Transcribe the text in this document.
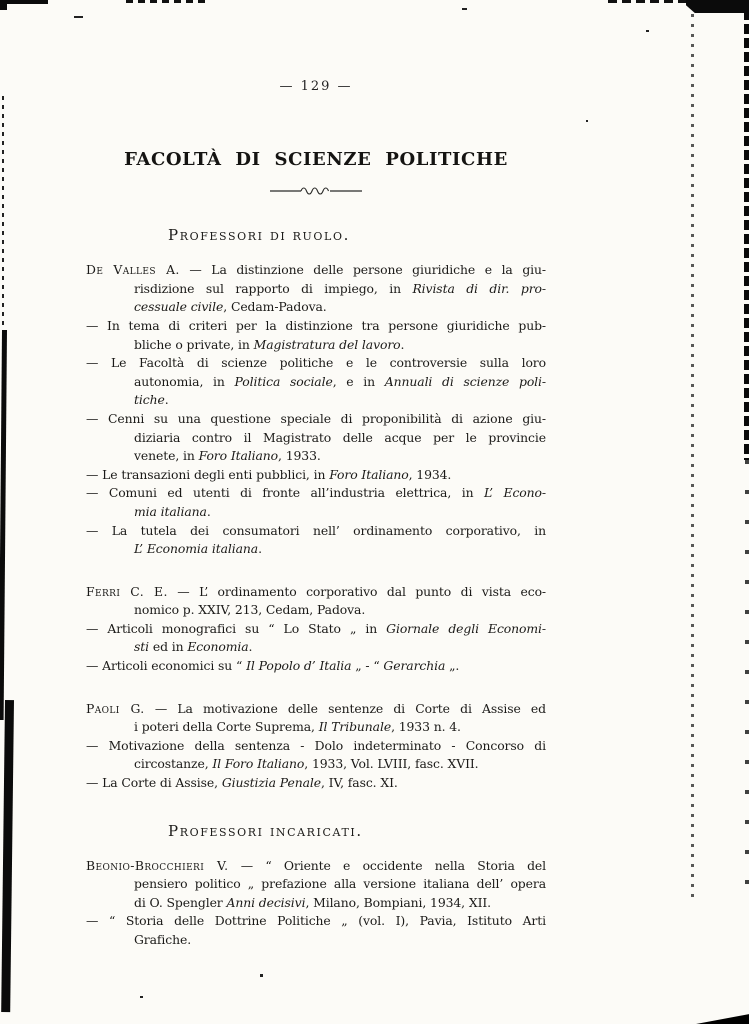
— 129 —
FACOLTÀ DI SCIENZE POLITICHE
Professori di ruolo.
De Valles A. — La distinzione delle persone giuridiche e la giu-
risdizione sul rapporto di impiego, in Rivista di dir. pro-
cessuale civile, Cedam-Padova.
— In tema di criteri per la distinzione tra persone giuridiche pub-
bliche o private, in Magistratura del lavoro.
— Le Facoltà di scienze politiche e le controversie sulla loro
autonomia, in Politica sociale, e in Annuali di scienze poli-
tiche.
— Cenni su una questione speciale di proponibilità di azione giu-
diziaria contro il Magistrato delle acque per le provincie
venete, in Foro Italiano, 1933.
— Le transazioni degli enti pubblici, in Foro Italiano, 1934.
— Comuni ed utenti di fronte all’industria elettrica, in L’ Econo-
mia italiana.
— La tutela dei consumatori nell’ ordinamento corporativo, in
L’ Economia italiana.
Ferri C. E. — L’ ordinamento corporativo dal punto di vista eco-
nomico p. XXIV, 213, Cedam, Padova.
— Articoli monografici su “ Lo Stato „ in Giornale degli Economi-
sti ed in Economia.
— Articoli economici su “ Il Popolo d’ Italia „ - “ Gerarchia „.
Paoli G. — La motivazione delle sentenze di Corte di Assise ed
i poteri della Corte Suprema, Il Tribunale, 1933 n. 4.
— Motivazione della sentenza - Dolo indeterminato - Concorso di
circostanze, Il Foro Italiano, 1933, Vol. LVIII, fasc. XVII.
— La Corte di Assise, Giustizia Penale, IV, fasc. XI.
Professori incaricati.
Beonio-Brocchieri V. — “ Oriente e occidente nella Storia del
pensiero politico „ prefazione alla versione italiana dell’ opera
di O. Spengler Anni decisivi, Milano, Bompiani, 1934, XII.
— “ Storia delle Dottrine Politiche „ (vol. I), Pavia, Istituto Arti
Grafiche.
